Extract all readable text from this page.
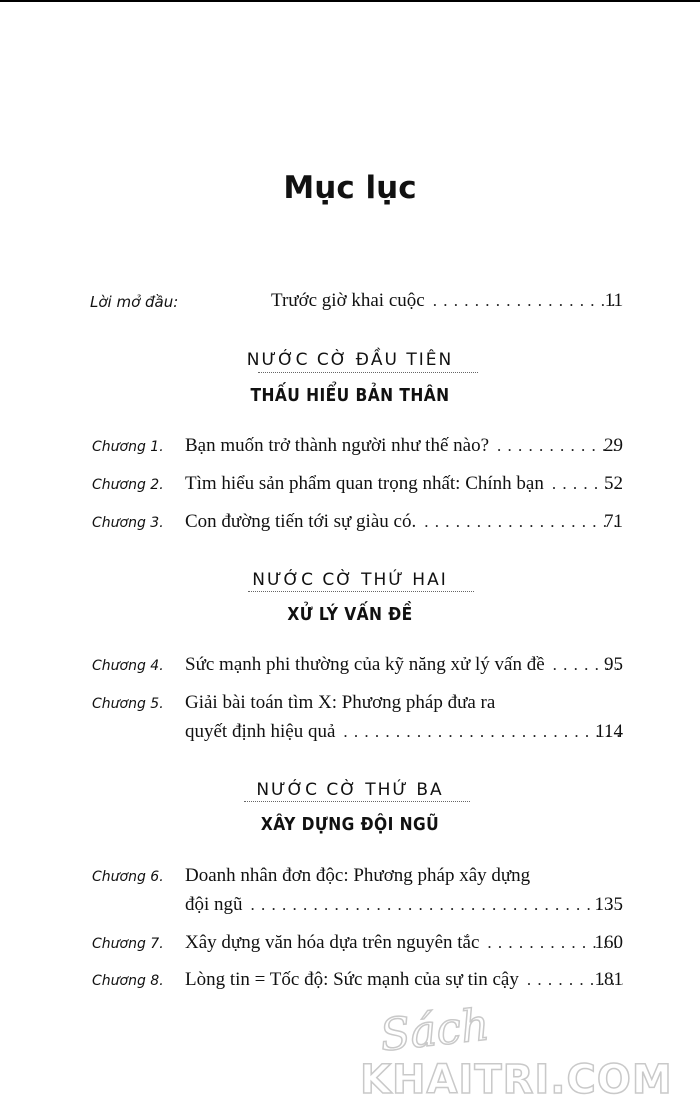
Mục lục
Lời mở đầu:	Trước giờ khai cuộc . . .	11
NƯỚC CỜ ĐẦU TIÊN
THẤU HIỂU BẢN THÂN
Chương 1. Bạn muốn trở thành người như thế nào? . . .	29
Chương 2. Tìm hiểu sản phẩm quan trọng nhất: Chính bạn . . .	52
Chương 3. Con đường tiến tới sự giàu có. . . .	71
NƯỚC CỜ THỨ HAI
XỬ LÝ VẤN ĐỀ
Chương 4. Sức mạnh phi thường của kỹ năng xử lý vấn đề . . .	95
Chương 5. Giải bài toán tìm X: Phương pháp đưa ra
quyết định hiệu quả . . .	114
NƯỚC CỜ THỨ BA
XÂY DỰNG ĐỘI NGŨ
Chương 6. Doanh nhân đơn độc: Phương pháp xây dựng
đội ngũ . . .	135
Chương 7. Xây dựng văn hóa dựa trên nguyên tắc . . .	160
Chương 8. Lòng tin = Tốc độ: Sức mạnh của sự tin cậy . . .	181
Sách
KHAITRI.COM
